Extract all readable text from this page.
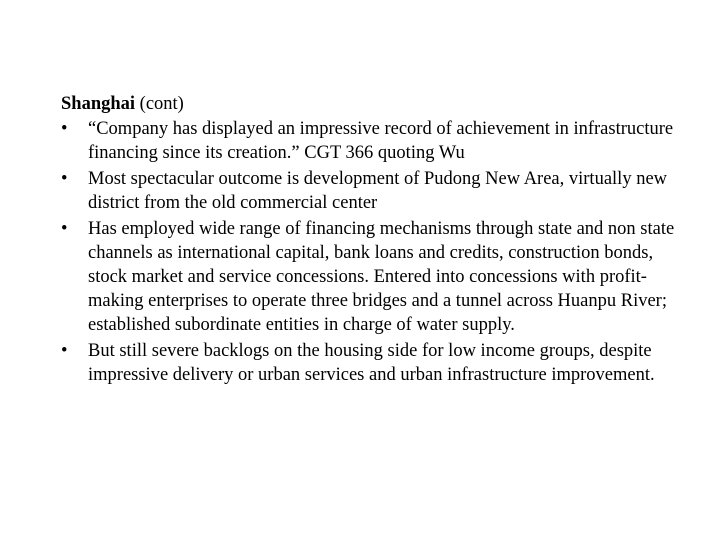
Shanghai (cont)

• “Company has displayed an impressive record of achievement in infrastructure financing since its creation.” CGT 366 quoting Wu
• Most spectacular outcome is development of Pudong New Area, virtually new district from the old commercial center
• Has employed wide range of financing mechanisms through state and non state channels as international capital, bank loans and credits, construction bonds, stock market and service concessions. Entered into concessions with profit-making enterprises to operate three bridges and a tunnel across Huanpu River; established subordinate entities in charge of water supply.
• But still severe backlogs on the housing side for low income groups, despite impressive delivery or urban services and urban infrastructure improvement.
